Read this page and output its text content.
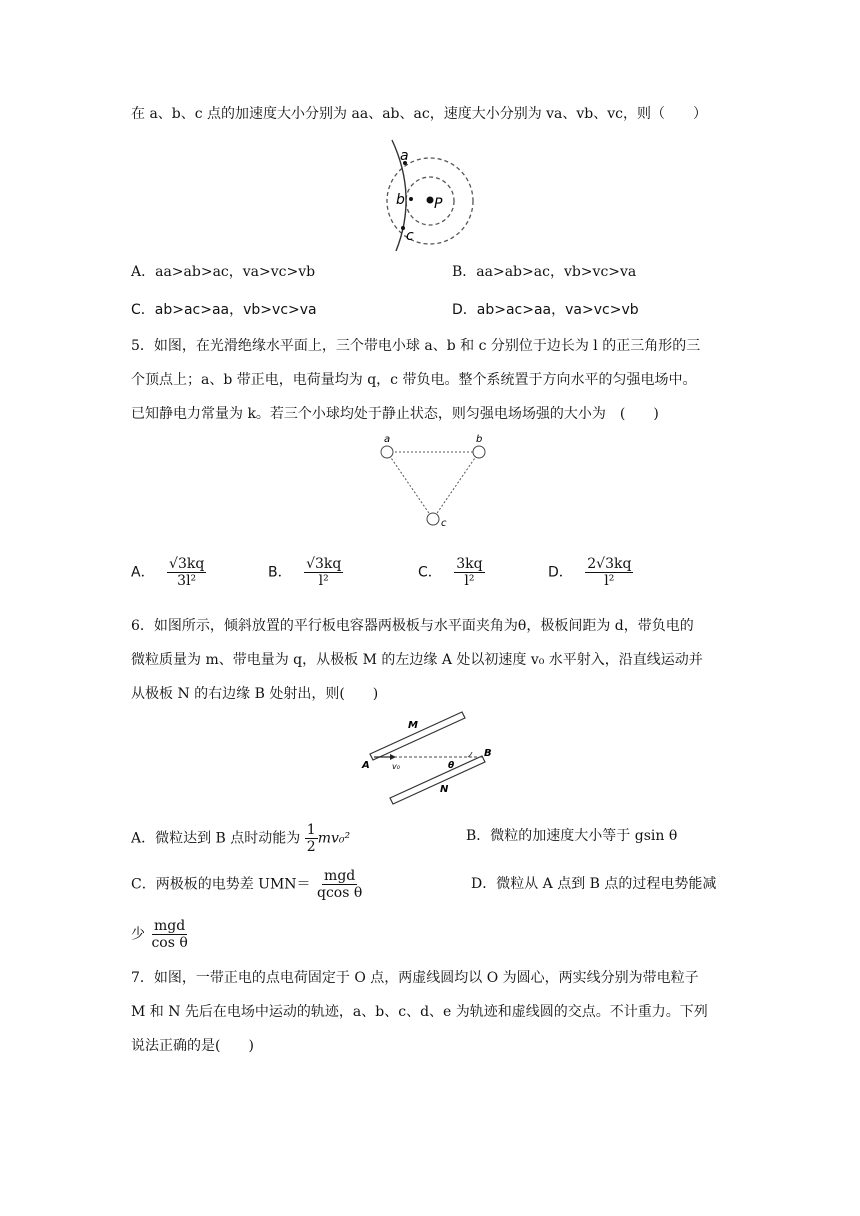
在 a、b、c 点的加速度大小分别为 aa、ab、ac，速度大小分别为 va、vb、vc，则（　　）
a
b P
c
A．aa>ab>ac，va>vc>vb	B．aa>ab>ac，vb>vc>va
C．ab>ac>aa，vb>vc>va	D．ab>ac>aa，va>vc>vb
5．如图，在光滑绝缘水平面上，三个带电小球 a、b 和 c 分别位于边长为 l 的正三角形的三
个顶点上；a、b 带正电，电荷量均为 q，c 带负电。整个系统置于方向水平的匀强电场中。
已知静电力常量为 k。若三个小球均处于静止状态，则匀强电场场强的大小为　(　　)
a	b
c
A． $\frac{√3kq}{\text{3l²}}$	B． $\frac{√3kq}{\text{l²}}$	C． $\frac{3kq}{\text{l²}}$	D． $\frac{2√3kq}{\text{l²}}$
6．如图所示，倾斜放置的平行板电容器两极板与水平面夹角为θ，极板间距为 d，带负电的
微粒质量为 m、带电量为 q，从极板 M 的左边缘 A 处以初速度 v₀ 水平射入，沿直线运动并
从极板 N 的右边缘 B 处射出，则(　　)
M
N
A
B
v₀	θ
A．微粒达到 B 点时动能为 $\frac{1}{2} mv_0^2$	B．微粒的加速度大小等于 gsin θ
C．两极板的电势差 $UMN= \frac{\text{mgd}}{\text{qcos θ}}$	D．微粒从 A 点到 B 点的过程电势能减
少 $\frac{\text{mgd}}{\text{cos θ}}$
7．如图，一带正电的点电荷固定于 O 点，两虚线圆均以 O 为圆心，两实线分别为带电粒子
M 和 N 先后在电场中运动的轨迹，a、b、c、d、e 为轨迹和虚线圆的交点。不计重力。下列
说法正确的是(　　)
